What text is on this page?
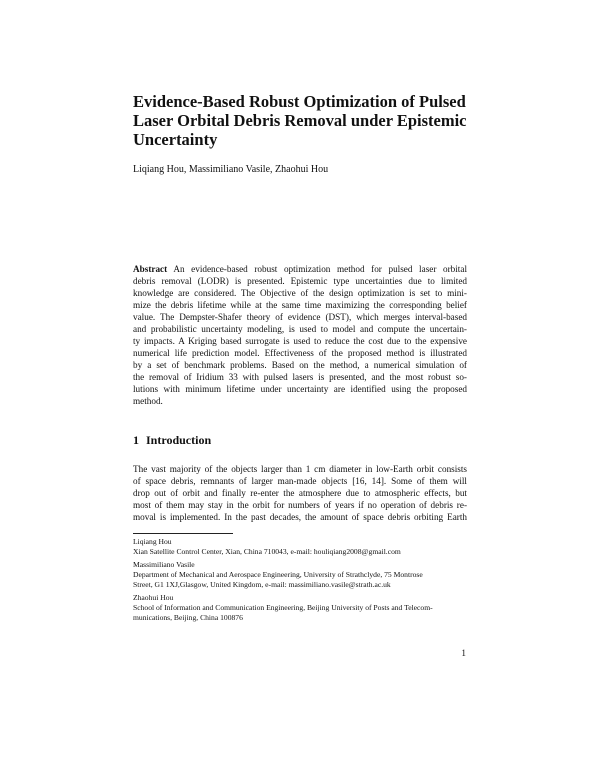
Evidence-Based Robust Optimization of Pulsed
Laser Orbital Debris Removal under Epistemic
Uncertainty

Liqiang Hou, Massimiliano Vasile, Zhaohui Hou

Abstract An evidence-based robust optimization method for pulsed laser orbital
debris removal (LODR) is presented. Epistemic type uncertainties due to limited
knowledge are considered. The Objective of the design optimization is set to mini-
mize the debris lifetime while at the same time maximizing the corresponding belief
value. The Dempster-Shafer theory of evidence (DST), which merges interval-based
and probabilistic uncertainty modeling, is used to model and compute the uncertain-
ty impacts. A Kriging based surrogate is used to reduce the cost due to the expensive
numerical life prediction model. Effectiveness of the proposed method is illustrated
by a set of benchmark problems. Based on the method, a numerical simulation of
the removal of Iridium 33 with pulsed lasers is presented, and the most robust so-
lutions with minimum lifetime under uncertainty are identified using the proposed
method.
1 Introduction
The vast majority of the objects larger than 1 cm diameter in low-Earth orbit consists
of space debris, remnants of larger man-made objects [16, 14]. Some of them will
drop out of orbit and finally re-enter the atmosphere due to atmospheric effects, but
most of them may stay in the orbit for numbers of years if no operation of debris re-
moval is implemented. In the past decades, the amount of space debris orbiting Earth
Liqiang Hou
Xian Satellite Control Center, Xian, China 710043, e-mail: houliqiang2008@gmail.com
Massimiliano Vasile
Department of Mechanical and Aerospace Engineering, University of Strathclyde, 75 Montrose
Street, G1 1XJ,Glasgow, United Kingdom, e-mail: massimiliano.vasile@strath.ac.uk
Zhaohui Hou
School of Information and Communication Engineering, Beijing University of Posts and Telecom-
munications, Beijing, China 100876

1
